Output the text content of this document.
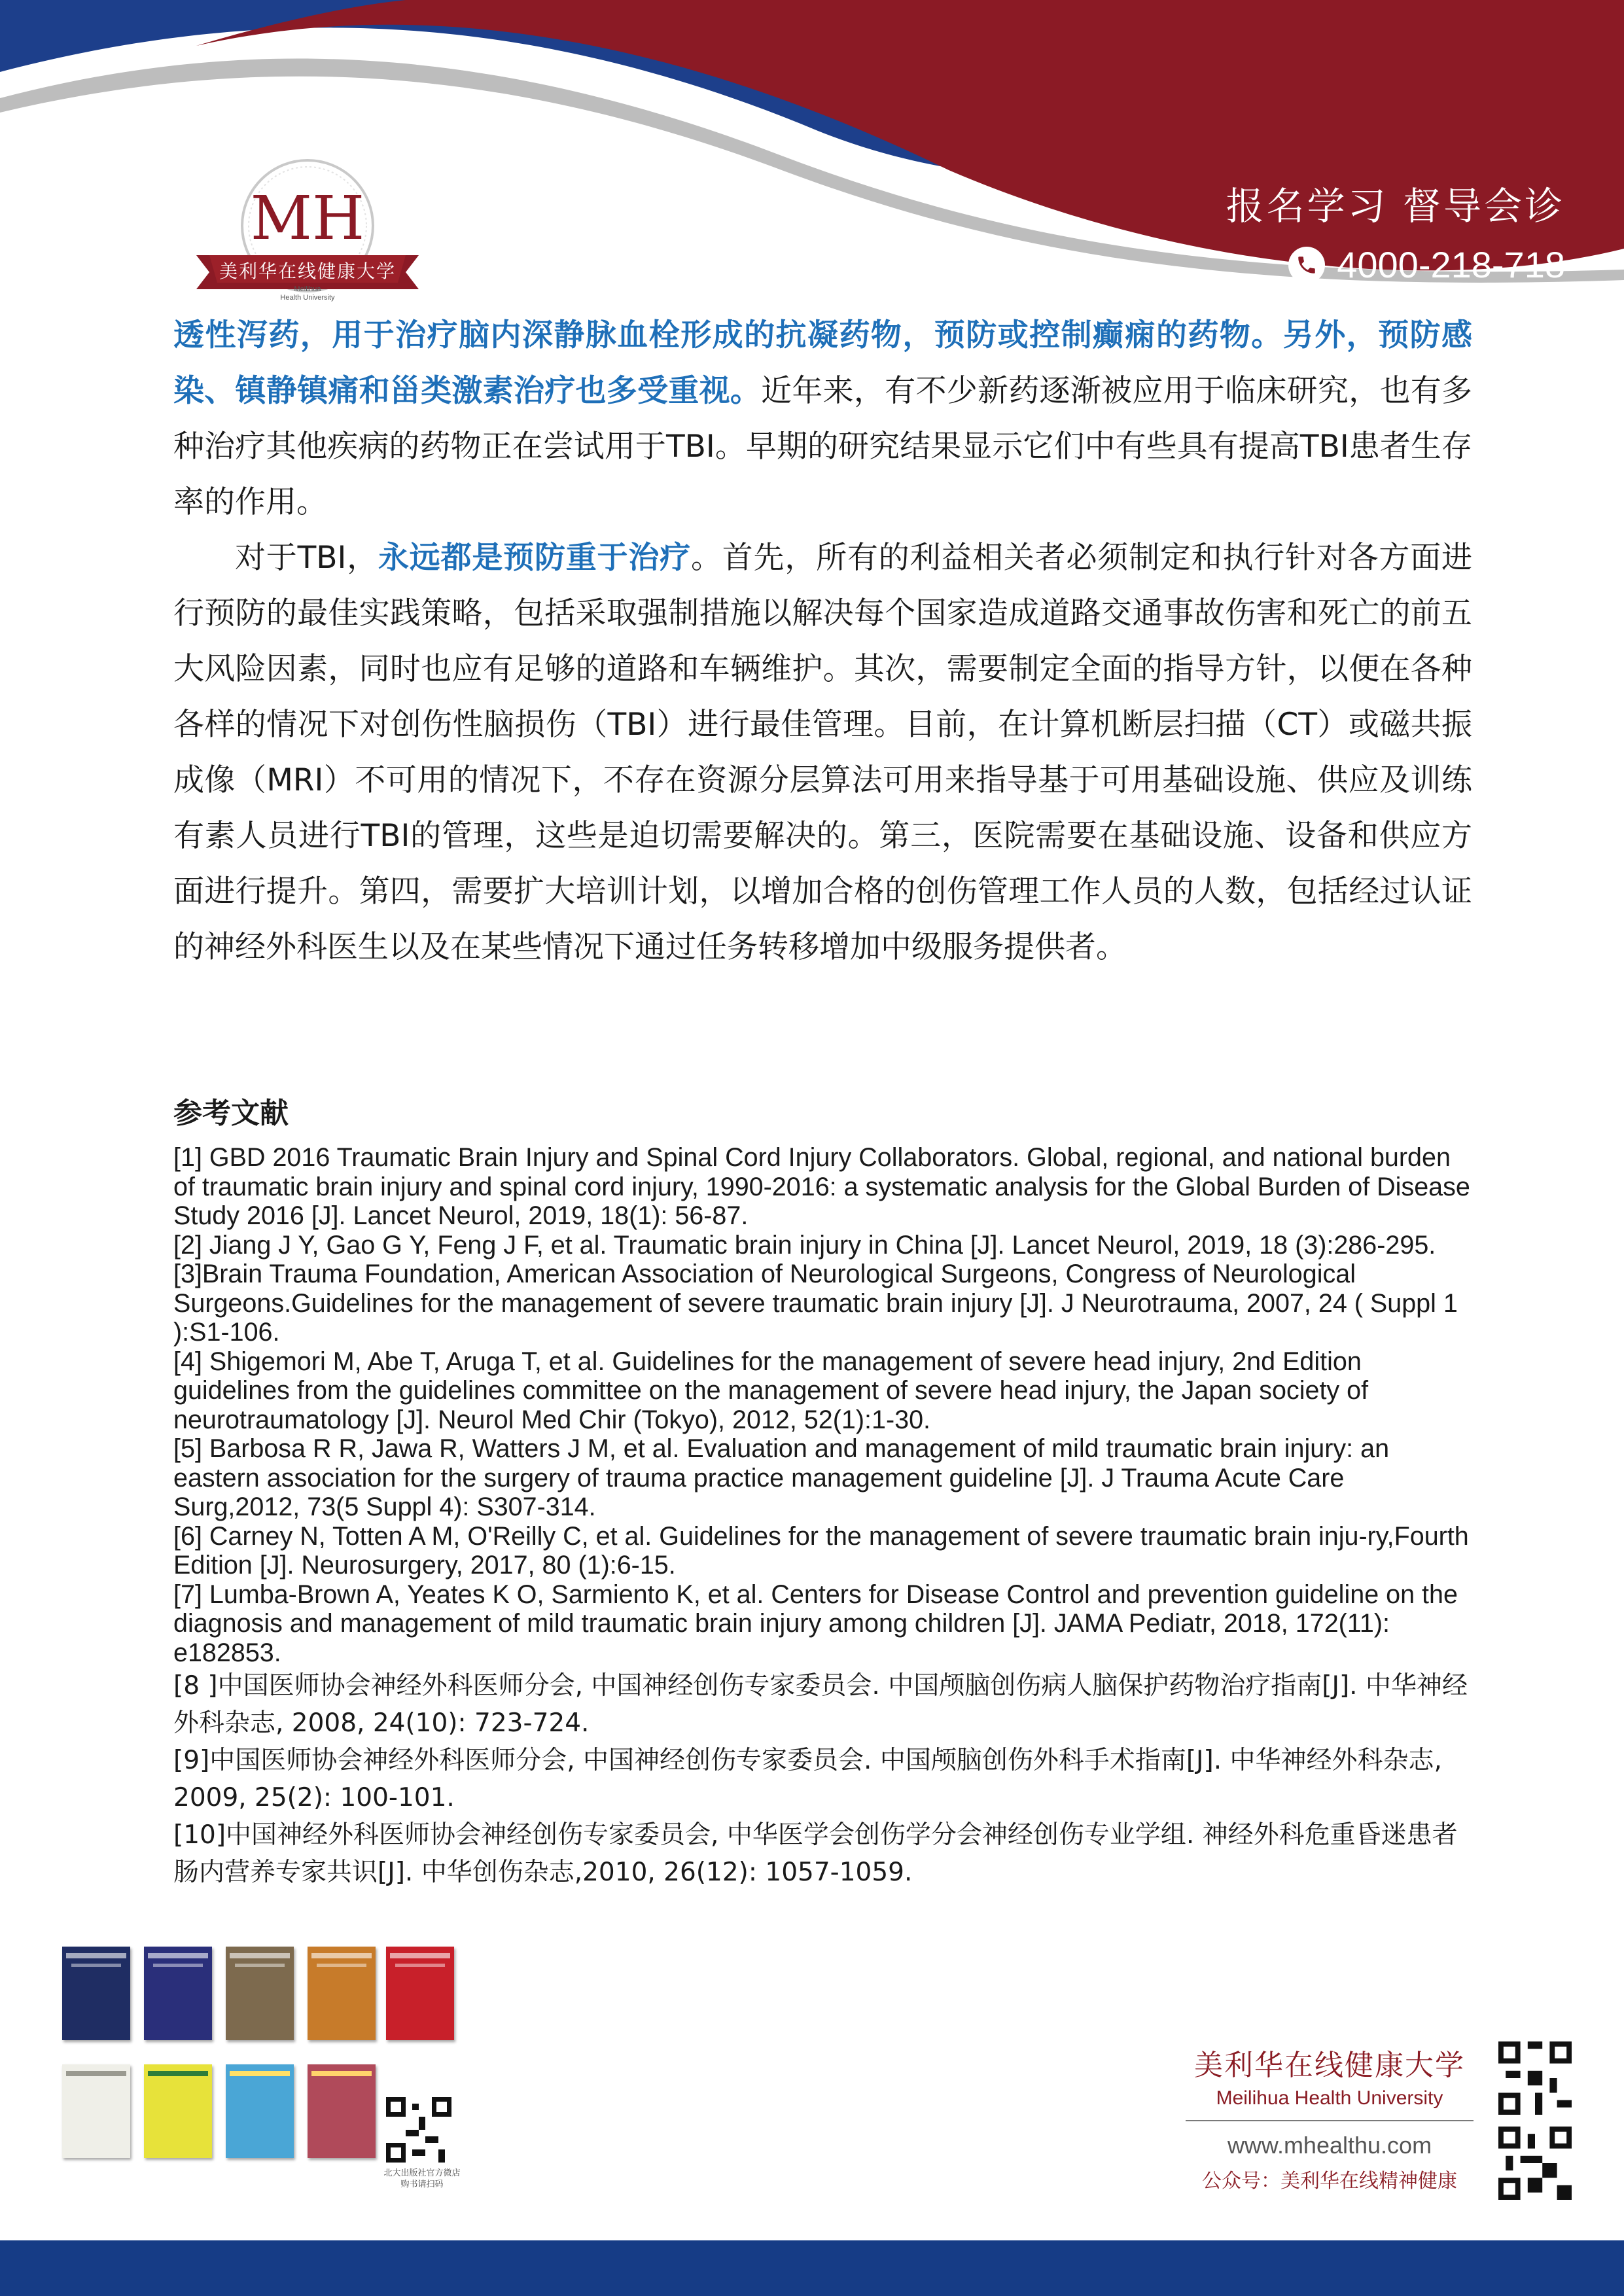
MH
美利华在线健康大学
Meilihua
Health University
报名学习 督导会诊
4000-218-718

透性泻药，用于治疗脑内深静脉血栓形成的抗凝药物，预防或控制癫痫的药物。另外，预防感染、镇静镇痛和甾类激素治疗也多受重视。近年来，有不少新药逐渐被应用于临床研究，也有多种治疗其他疾病的药物正在尝试用于TBI。早期的研究结果显示它们中有些具有提高TBI患者生存率的作用。

对于TBI，永远都是预防重于治疗。首先，所有的利益相关者必须制定和执行针对各方面进行预防的最佳实践策略，包括采取强制措施以解决每个国家造成道路交通事故伤害和死亡的前五大风险因素，同时也应有足够的道路和车辆维护。其次，需要制定全面的指导方针，以便在各种各样的情况下对创伤性脑损伤（TBI）进行最佳管理。目前，在计算机断层扫描（CT）或磁共振成像（MRI）不可用的情况下，不存在资源分层算法可用来指导基于可用基础设施、供应及训练有素人员进行TBI的管理，这些是迫切需要解决的。第三，医院需要在基础设施、设备和供应方面进行提升。第四，需要扩大培训计划，以增加合格的创伤管理工作人员的人数，包括经过认证的神经外科医生以及在某些情况下通过任务转移增加中级服务提供者。

参考文献

[1] GBD 2016 Traumatic Brain Injury and Spinal Cord Injury Collaborators. Global, regional, and national burden of traumatic brain injury and spinal cord injury, 1990-2016: a systematic analysis for the Global Burden of Disease Study 2016 [J]. Lancet Neurol, 2019, 18(1): 56-87.

[2] Jiang J Y, Gao G Y, Feng J F, et al. Traumatic brain injury in China [J]. Lancet Neurol, 2019, 18 (3):286-295.

[3]Brain Trauma Foundation, American Association of Neurological Surgeons, Congress of Neurological Surgeons.Guidelines for the management of severe traumatic brain injury [J]. J Neurotrauma, 2007, 24 ( Suppl 1 ):S1-106.

[4] Shigemori M, Abe T, Aruga T, et al. Guidelines for the management of severe head injury, 2nd Edition guidelines from the guidelines committee on the management of severe head injury, the Japan society of neurotraumatology [J]. Neurol Med Chir (Tokyo), 2012, 52(1):1-30.

[5] Barbosa R R, Jawa R, Watters J M, et al. Evaluation and management of mild traumatic brain injury: an eastern association for the surgery of trauma practice management guideline [J]. J Trauma Acute Care Surg,2012, 73(5 Suppl 4): S307-314.

[6] Carney N, Totten A M, O'Reilly C, et al. Guidelines for the management of severe traumatic brain inju-ry,Fourth Edition [J]. Neurosurgery, 2017, 80 (1):6-15.

[7] Lumba-Brown A, Yeates K O, Sarmiento K, et al. Centers for Disease Control and prevention guideline on the diagnosis and management of mild traumatic brain injury among children [J]. JAMA Pediatr, 2018, 172(11): e182853.

[8 ]中国医师协会神经外科医师分会, 中国神经创伤专家委员会. 中国颅脑创伤病人脑保护药物治疗指南[J]. 中华神经外科杂志, 2008, 24(10): 723-724.

[9]中国医师协会神经外科医师分会, 中国神经创伤专家委员会. 中国颅脑创伤外科手术指南[J]. 中华神经外科杂志, 2009, 25(2): 100-101.

[10]中国神经外科医师协会神经创伤专家委员会, 中华医学会创伤学分会神经创伤专业学组. 神经外科危重昏迷患者肠内营养专家共识[J]. 中华创伤杂志,2010, 26(12): 1057-1059.

北大出版社官方微店
购书请扫码
美利华在线健康大学
Meilihua Health University
www.mhealthu.com
公众号：美利华在线精神健康
